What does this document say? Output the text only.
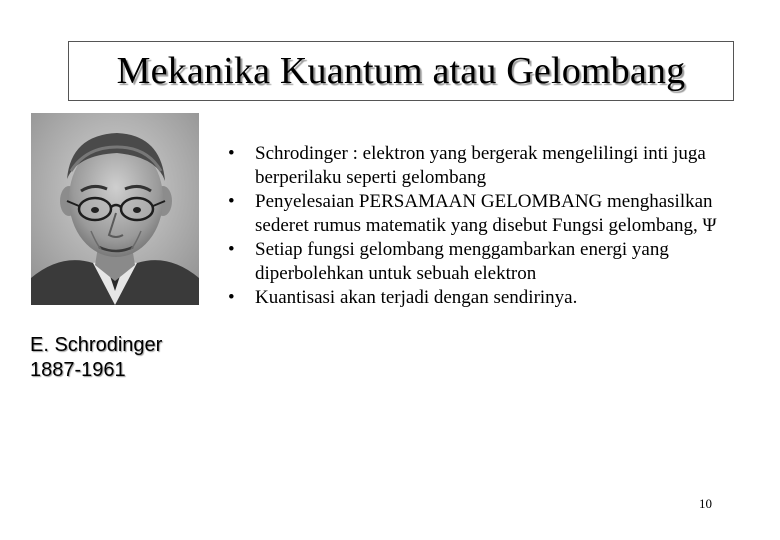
Mekanika Kuantum atau Gelombang
E. Schrodinger
1887-1961
• Schrodinger : elektron yang bergerak mengelilingi inti juga berperilaku seperti gelombang
• Penyelesaian PERSAMAAN GELOMBANG menghasilkan sederet rumus matematik yang disebut Fungsi gelombang, Ψ
• Setiap fungsi gelombang menggambarkan energi yang diperbolehkan untuk sebuah elektron
• Kuantisasi akan terjadi dengan sendirinya.
10
